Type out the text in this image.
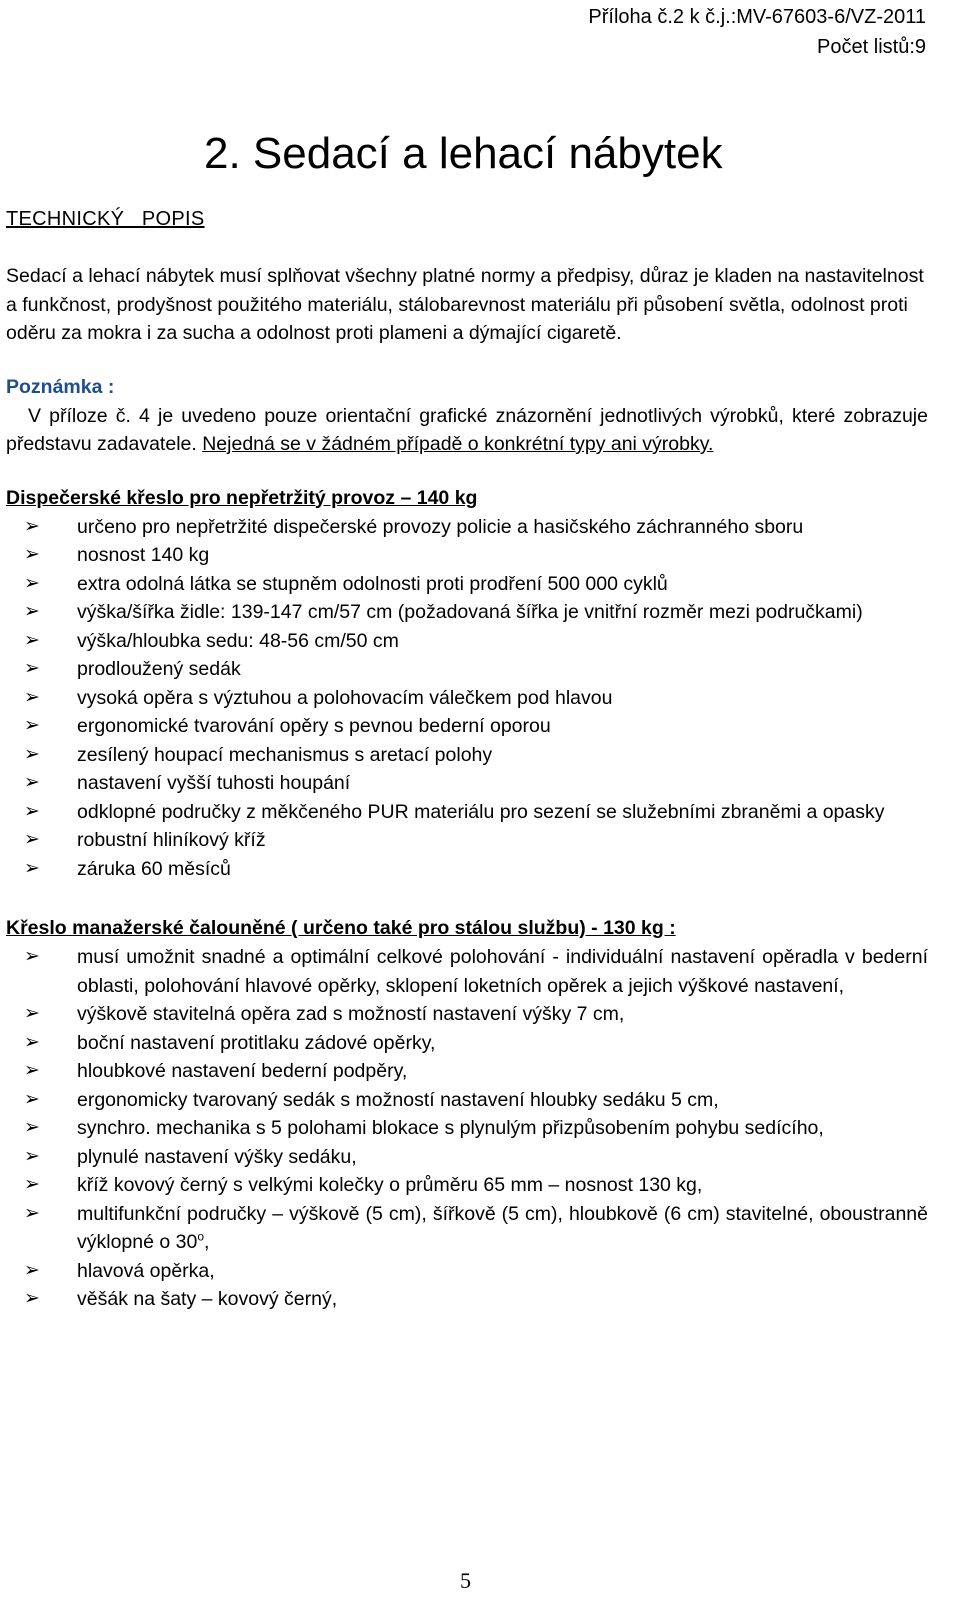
Příloha č.2 k č.j.:MV-67603-6/VZ-2011
Počet listů:9
2. Sedací a lehací nábytek
TECHNICKÝ   POPIS

Sedací a lehací nábytek musí splňovat všechny platné normy a předpisy, důraz je kladen na nastavitelnost a funkčnost, prodyšnost použitého materiálu, stálobarevnost materiálu při působení světla, odolnost proti oděru za mokra i za sucha a odolnost proti plameni a dýmající cigaretě.

Poznámka :

V příloze č. 4 je uvedeno pouze orientační grafické znázornění jednotlivých výrobků, které zobrazuje představu zadavatele. Nejedná se v žádném případě o konkrétní typy ani výrobky.

Dispečerské křeslo pro nepřetržitý provoz – 140 kg
➢ určeno pro nepřetržité dispečerské provozy policie a hasičského záchranného sboru
➢ nosnost 140 kg
➢ extra odolná látka se stupněm odolnosti proti prodření 500 000 cyklů
➢ výška/šířka židle: 139-147 cm/57 cm (požadovaná šířka je vnitřní rozměr mezi područkami)
➢ výška/hloubka sedu: 48-56 cm/50 cm
➢ prodloužený sedák
➢ vysoká opěra s výztuhou a polohovacím válečkem pod hlavou
➢ ergonomické tvarování opěry s pevnou bederní oporou
➢ zesílený houpací mechanismus s aretací polohy
➢ nastavení vyšší tuhosti houpání
➢ odklopné područky z měkčeného PUR materiálu pro sezení se služebními zbraněmi a opasky
➢ robustní hliníkový kříž
➢ záruka 60 měsíců
Křeslo manažerské čalouněné ( určeno také pro stálou službu) - 130 kg :
➢ musí umožnit snadné a optimální celkové polohování - individuální nastavení opěradla v bederní oblasti, polohování hlavové opěrky, sklopení loketních opěrek a jejich výškové nastavení,
➢ výškově stavitelná opěra zad s možností nastavení výšky 7 cm,
➢ boční nastavení protitlaku zádové opěrky,
➢ hloubkové nastavení bederní podpěry,
➢ ergonomicky tvarovaný sedák s možností nastavení hloubky sedáku 5 cm,
➢ synchro. mechanika s 5 polohami blokace s plynulým přizpůsobením pohybu sedícího,
➢ plynulé nastavení výšky sedáku,
➢ kříž kovový černý s velkými kolečky o průměru 65 mm – nosnost 130 kg,
➢ multifunkční područky – výškově (5 cm), šířkově (5 cm), hloubkově (6 cm) stavitelné, oboustranně výklopné o 30$^o$,
➢ hlavová opěrka,
➢ věšák na šaty – kovový černý,
5
